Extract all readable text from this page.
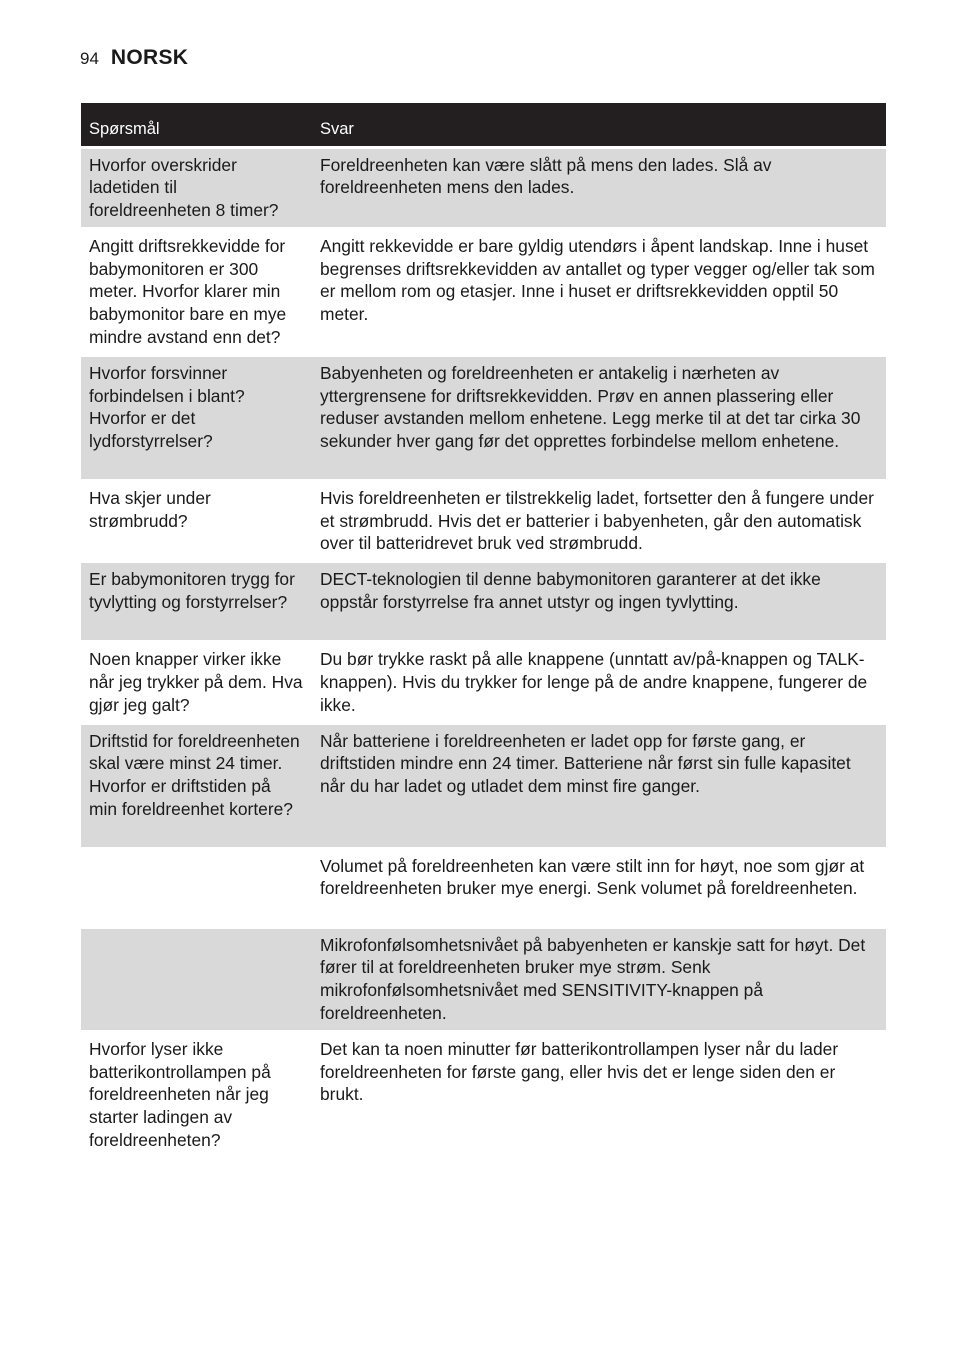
94 NORSK
Spørsmål	Svar
Hvorfor overskrider ladetiden til foreldreenheten 8 timer?	Foreldreenheten kan være slått på mens den lades. Slå av foreldreenheten mens den lades.
Angitt driftsrekkevidde for babymonitoren er 300 meter. Hvorfor klarer min babymonitor bare en mye mindre avstand enn det?	Angitt rekkevidde er bare gyldig utendørs i åpent landskap. Inne i huset begrenses driftsrekkevidden av antallet og typer vegger og/eller tak som er mellom rom og etasjer. Inne i huset er driftsrekkevidden opptil 50 meter.
Hvorfor forsvinner forbindelsen i blant? Hvorfor er det lydforstyrrelser?	Babyenheten og foreldreenheten er antakelig i nærheten av yttergrensene for driftsrekkevidden. Prøv en annen plassering eller reduser avstanden mellom enhetene. Legg merke til at det tar cirka 30 sekunder hver gang før det opprettes forbindelse mellom enhetene.
Hva skjer under strømbrudd?	Hvis foreldreenheten er tilstrekkelig ladet, fortsetter den å fungere under et strømbrudd. Hvis det er batterier i babyenheten, går den automatisk over til batteridrevet bruk ved strømbrudd.
Er babymonitoren trygg for tyvlytting og forstyrrelser?	DECT-teknologien til denne babymonitoren garanterer at det ikke oppstår forstyrrelse fra annet utstyr og ingen tyvlytting.
Noen knapper virker ikke når jeg trykker på dem. Hva gjør jeg galt?	Du bør trykke raskt på alle knappene (unntatt av/på-knappen og TALK-knappen). Hvis du trykker for lenge på de andre knappene, fungerer de ikke.
Driftstid for foreldreenheten skal være minst 24 timer. Hvorfor er driftstiden på min foreldreenhet kortere?	Når batteriene i foreldreenheten er ladet opp for første gang, er driftstiden mindre enn 24 timer. Batteriene når først sin fulle kapasitet når du har ladet og utladet dem minst fire ganger.
	Volumet på foreldreenheten kan være stilt inn for høyt, noe som gjør at foreldreenheten bruker mye energi. Senk volumet på foreldreenheten.
	Mikrofonfølsomhetsnivået på babyenheten er kanskje satt for høyt. Det fører til at foreldreenheten bruker mye strøm. Senk mikrofonfølsomhetsnivået med SENSITIVITY-knappen på foreldreenheten.
Hvorfor lyser ikke batterikontrollampen på foreldreenheten når jeg starter ladingen av foreldreenheten?	Det kan ta noen minutter før batterikontrollampen lyser når du lader foreldreenheten for første gang, eller hvis det er lenge siden den er brukt.
